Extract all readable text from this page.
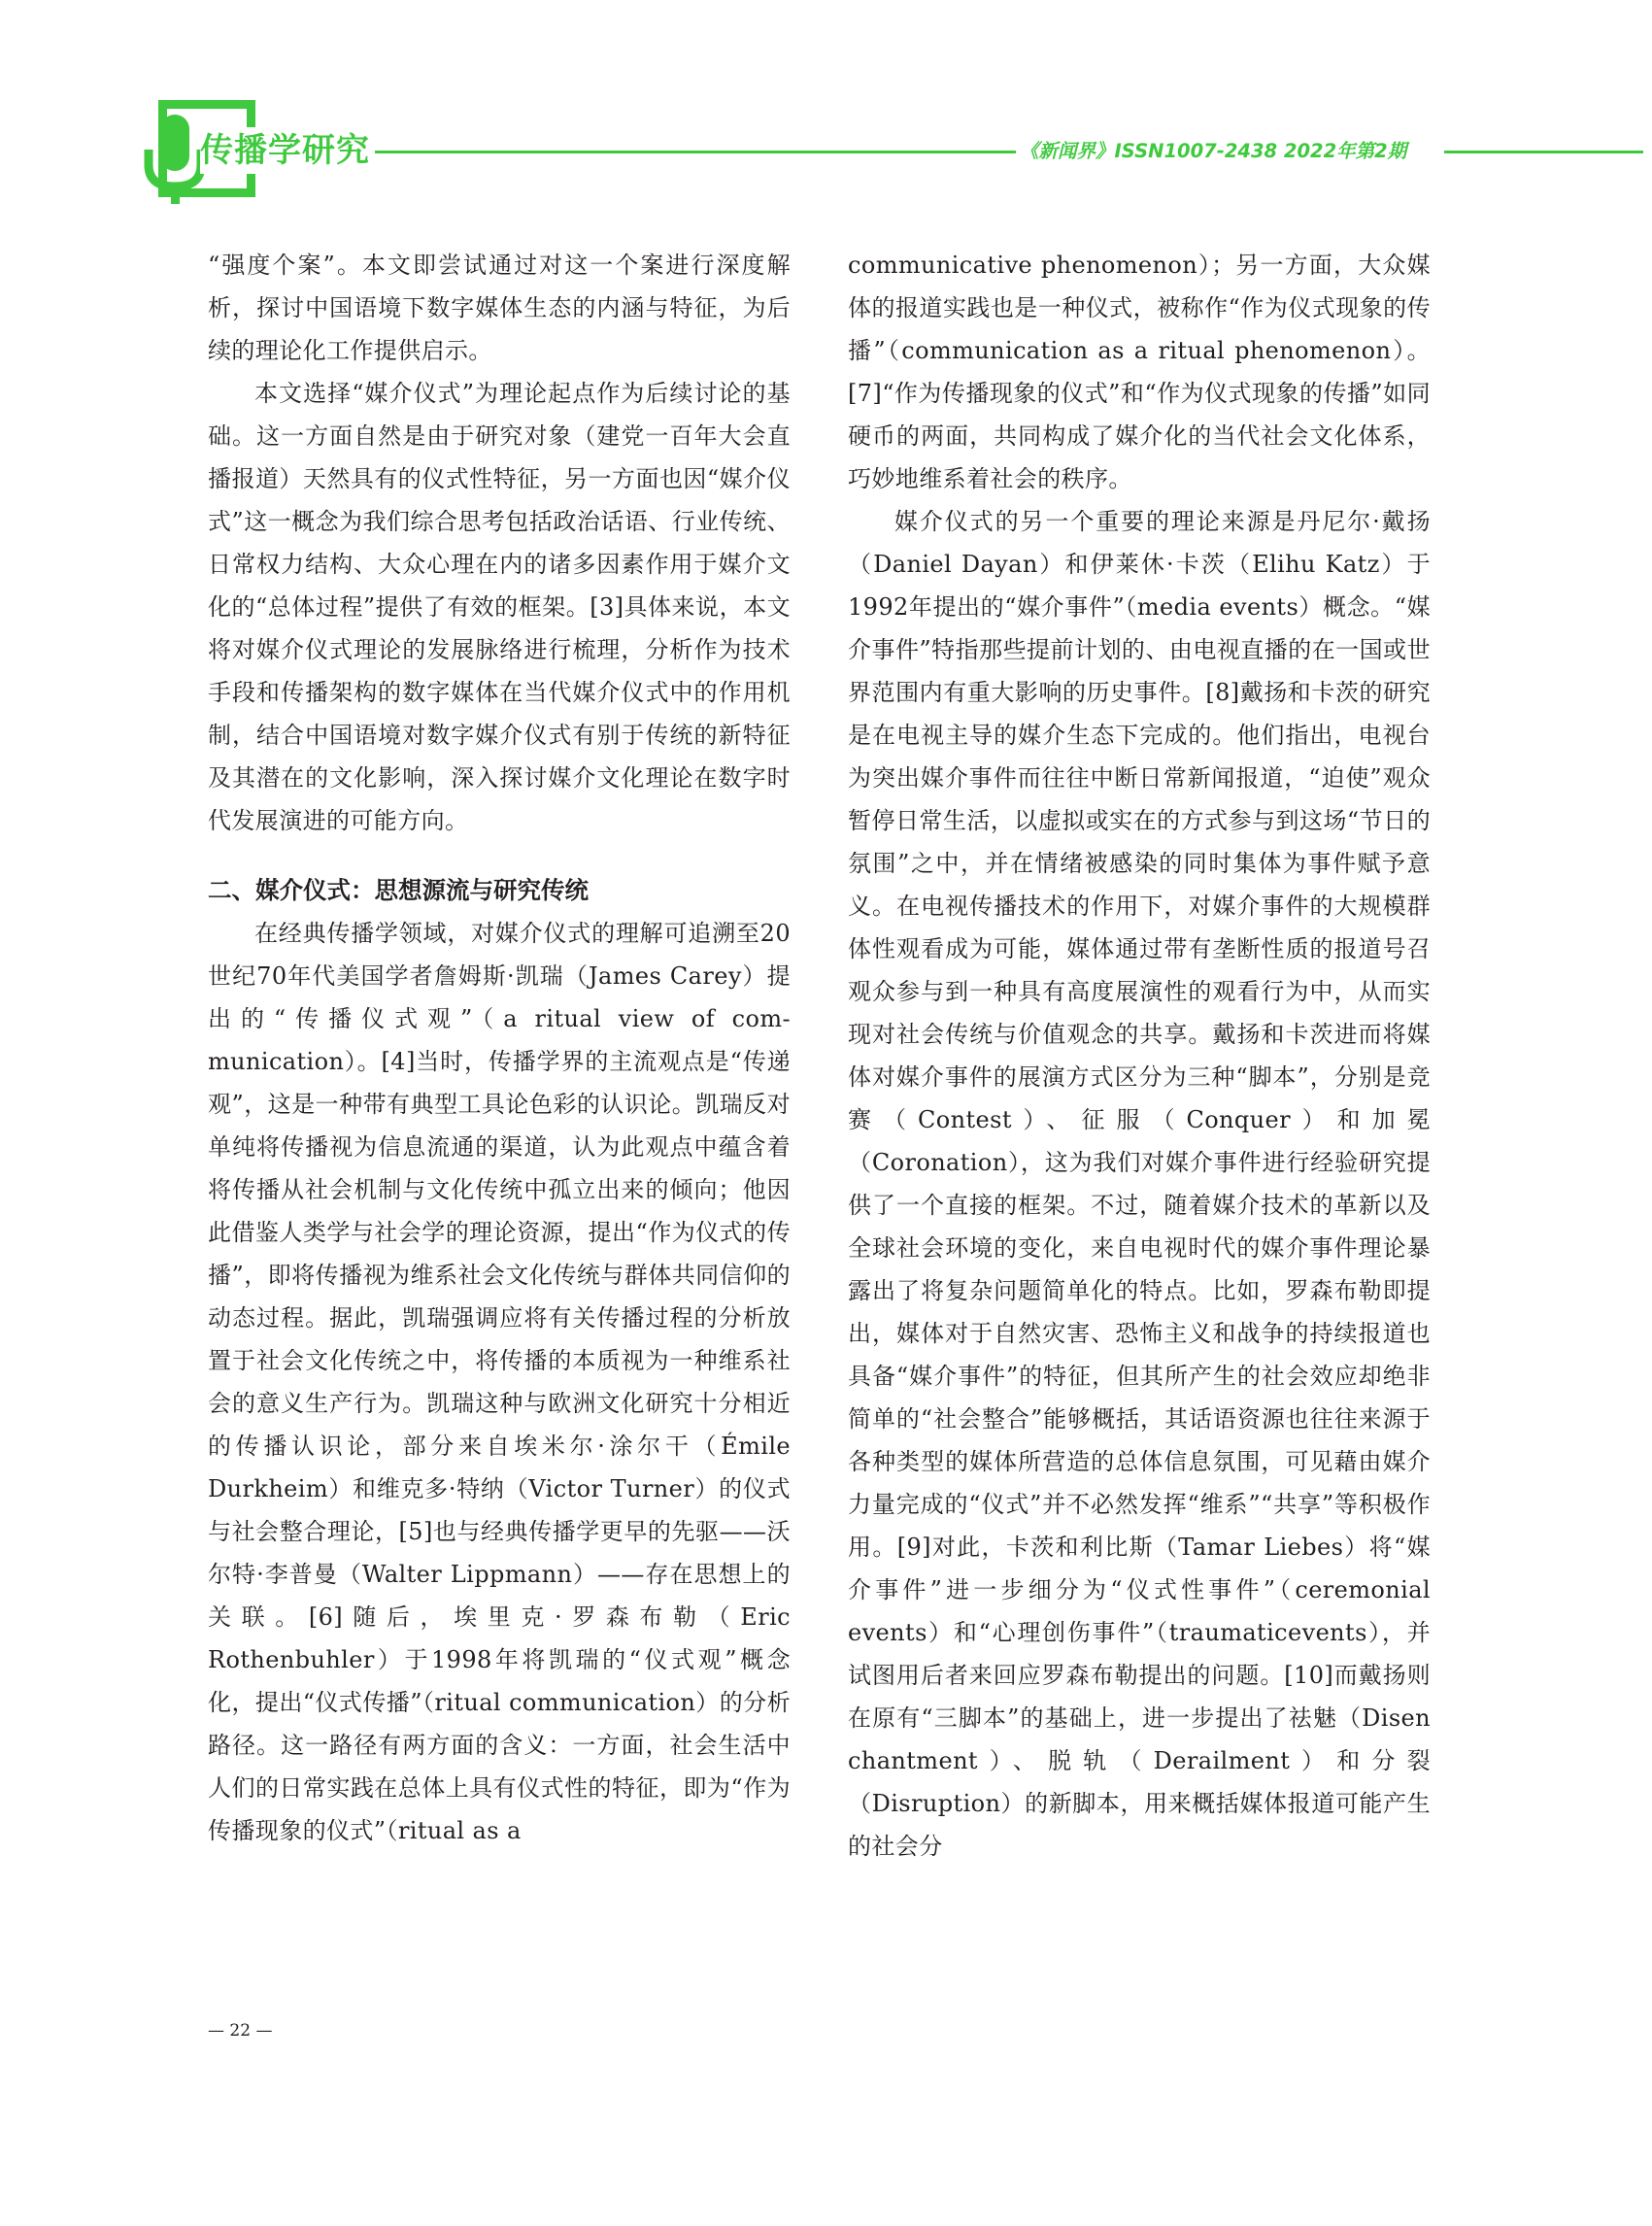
传播学研究	《新闻界》ISSN1007-2438 2022年第2期

“强度个案”。本文即尝试通过对这一个案进行深度解析，探讨中国语境下数字媒体生态的内涵与特征，为后续的理论化工作提供启示。

本文选择“媒介仪式”为理论起点作为后续讨论的基础。这一方面自然是由于研究对象（建党一百年大会直播报道）天然具有的仪式性特征，另一方面也因“媒介仪式”这一概念为我们综合思考包括政治话语、行业传统、日常权力结构、大众心理在内的诸多因素作用于媒介文化的“总体过程”提供了有效的框架。[3]具体来说，本文将对媒介仪式理论的发展脉络进行梳理，分析作为技术手段和传播架构的数字媒体在当代媒介仪式中的作用机制，结合中国语境对数字媒介仪式有别于传统的新特征及其潜在的文化影响，深入探讨媒介文化理论在数字时代发展演进的可能方向。

二、媒介仪式：思想源流与研究传统

在经典传播学领域，对媒介仪式的理解可追溯至20世纪70年代美国学者詹姆斯·凯瑞（James Carey）提出的“传播仪式观”（a ritual view of com-munication）。[4]当时，传播学界的主流观点是“传递观”，这是一种带有典型工具论色彩的认识论。凯瑞反对单纯将传播视为信息流通的渠道，认为此观点中蕴含着将传播从社会机制与文化传统中孤立出来的倾向；他因此借鉴人类学与社会学的理论资源，提出“作为仪式的传播”，即将传播视为维系社会文化传统与群体共同信仰的动态过程。据此，凯瑞强调应将有关传播过程的分析放置于社会文化传统之中，将传播的本质视为一种维系社会的意义生产行为。凯瑞这种与欧洲文化研究十分相近的传播认识论，部分来自埃米尔·涂尔干（Émile Durkheim）和维克多·特纳（Victor Turner）的仪式与社会整合理论，[5]也与经典传播学更早的先驱——沃尔特·李普曼（Walter Lippmann）——存在思想上的关联。[6]随后，埃里克·罗森布勒（Eric Rothenbuhler）于1998年将凯瑞的“仪式观”概念化，提出“仪式传播”（ritual communication）的分析路径。这一路径有两方面的含义：一方面，社会生活中人们的日常实践在总体上具有仪式性的特征，即为“作为传播现象的仪式”（ritual as a

communicative phenomenon）；另一方面，大众媒体的报道实践也是一种仪式，被称作“作为仪式现象的传播”（communication as a ritual phenomenon）。[7]“作为传播现象的仪式”和“作为仪式现象的传播”如同硬币的两面，共同构成了媒介化的当代社会文化体系，巧妙地维系着社会的秩序。

媒介仪式的另一个重要的理论来源是丹尼尔·戴扬（Daniel Dayan）和伊莱休·卡茨（Elihu Katz）于1992年提出的“媒介事件”（media events）概念。“媒介事件”特指那些提前计划的、由电视直播的在一国或世界范围内有重大影响的历史事件。[8]戴扬和卡茨的研究是在电视主导的媒介生态下完成的。他们指出，电视台为突出媒介事件而往往中断日常新闻报道，“迫使”观众暂停日常生活，以虚拟或实在的方式参与到这场“节日的氛围”之中，并在情绪被感染的同时集体为事件赋予意义。在电视传播技术的作用下，对媒介事件的大规模群体性观看成为可能，媒体通过带有垄断性质的报道号召观众参与到一种具有高度展演性的观看行为中，从而实现对社会传统与价值观念的共享。戴扬和卡茨进而将媒体对媒介事件的展演方式区分为三种“脚本”，分别是竞赛（Contest）、征服（Conquer）和加冕（Coronation），这为我们对媒介事件进行经验研究提供了一个直接的框架。不过，随着媒介技术的革新以及全球社会环境的变化，来自电视时代的媒介事件理论暴露出了将复杂问题简单化的特点。比如，罗森布勒即提出，媒体对于自然灾害、恐怖主义和战争的持续报道也具备“媒介事件”的特征，但其所产生的社会效应却绝非简单的“社会整合”能够概括，其话语资源也往往来源于各种类型的媒体所营造的总体信息氛围，可见藉由媒介力量完成的“仪式”并不必然发挥“维系”“共享”等积极作用。[9]对此，卡茨和利比斯（Tamar Liebes）将“媒介事件”进一步细分为“仪式性事件”（ceremonial events）和“心理创伤事件”（traumaticevents），并试图用后者来回应罗森布勒提出的问题。[10]而戴扬则在原有“三脚本”的基础上，进一步提出了祛魅（Disen chantment）、脱轨（Derailment）和分裂（Disruption）的新脚本，用来概括媒体报道可能产生的社会分

— 22 —
